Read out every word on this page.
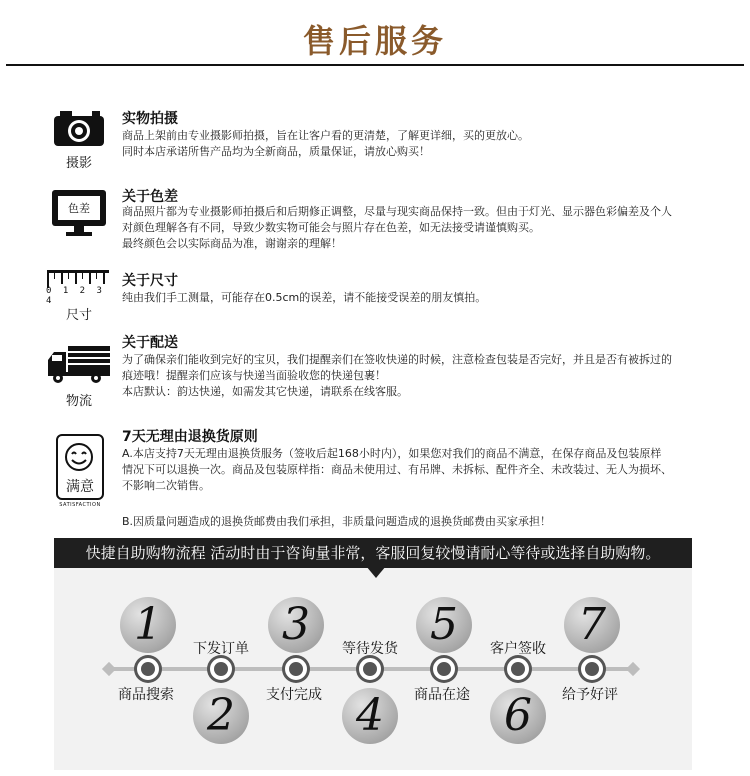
售后服务
摄影
实物拍摄
商品上架前由专业摄影师拍摄，旨在让客户看的更清楚，了解更详细，买的更放心。
同时本店承诺所售产品均为全新商品，质量保证，请放心购买！
色差
关于色差
商品照片都为专业摄影师拍摄后和后期修正调整，尽量与现实商品保持一致。但由于灯光、显示器色彩偏差及个人
对颜色理解各有不同，导致少数实物可能会与照片存在色差，如无法接受请谨慎购买。
最终颜色会以实际商品为准，谢谢亲的理解！
0 1 2 3 4
尺寸
关于尺寸
纯由我们手工测量，可能存在0.5cm的误差，请不能接受误差的朋友慎拍。
物流
关于配送
为了确保亲们能收到完好的宝贝，我们提醒亲们在签收快递的时候，注意检查包装是否完好，并且是否有被拆过的
痕迹哦！提醒亲们应该与快递当面验收您的快递包裹！
本店默认：韵达快递，如需发其它快递，请联系在线客服。
满意
SATISFACTION
7天无理由退换货原则
A.本店支持7天无理由退换货服务（签收后起168小时内），如果您对我们的商品不满意，在保存商品及包装原样
情况下可以退换一次。商品及包装原样指：商品未使用过、有吊牌、未拆标、配件齐全、未改装过、无人为损坏、
不影响二次销售。
B.因质量问题造成的退换货邮费由我们承担，非质量问题造成的退换货邮费由买家承担！
快捷自助购物流程 活动时由于咨询量非常，客服回复较慢请耐心等待或选择自助购物。
1
商品搜索
下发订单
2
3
支付完成
等待发货
4
5
商品在途
客户签收
6
7
给予好评
